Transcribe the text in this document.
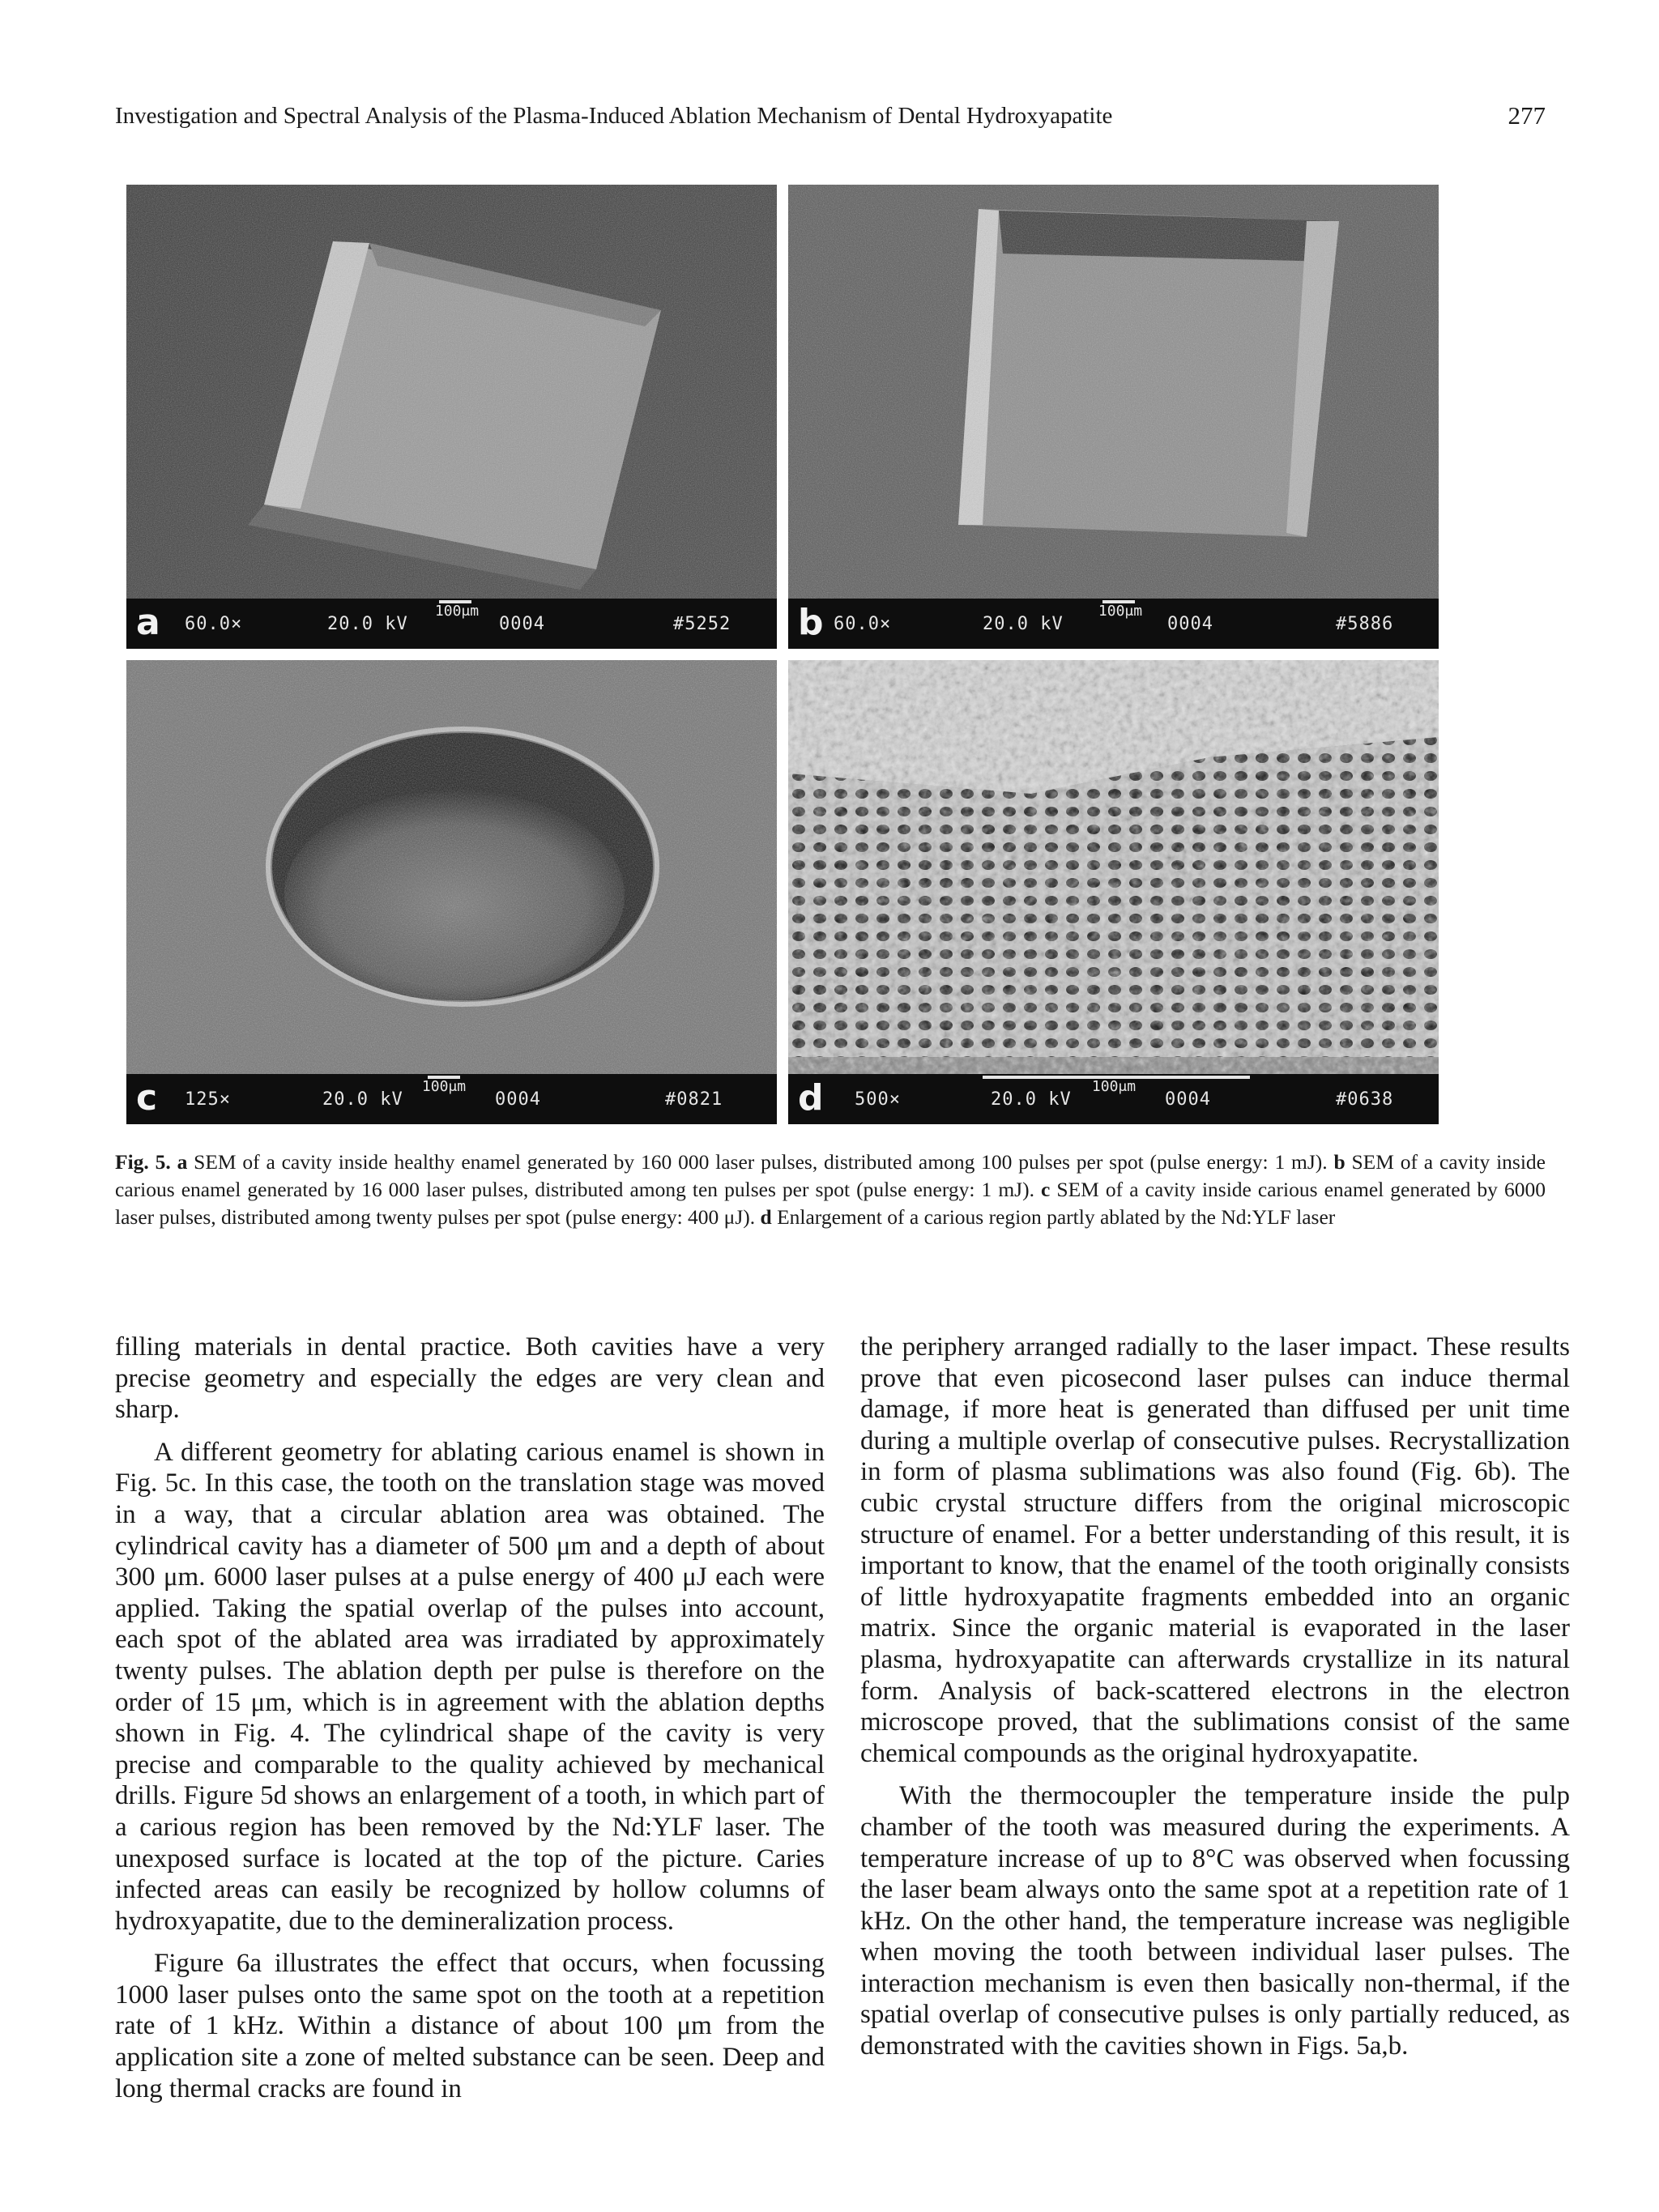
Investigation and Spectral Analysis of the Plasma-Induced Ablation Mechanism of Dental Hydroxyapatite	277
a 60.0×	20.0 kV
100μm
0004	#5252 b 60.0×	20.0 kV
100μm
0004	#5886
c 125×	20.0 kV
100μm
0004	#0821 d 500×	20.0 kV
100μm
0004	#0638
Fig. 5. a SEM of a cavity inside healthy enamel generated by 160 000 laser pulses, distributed among 100 pulses per spot (pulse energy: 1 mJ). b SEM of a cavity inside carious enamel generated by 16 000 laser pulses, distributed among ten pulses per spot (pulse energy: 1 mJ). c SEM of a cavity inside carious enamel generated by 6000 laser pulses, distributed among twenty pulses per spot (pulse energy: 400 μJ). d Enlargement of a carious region partly ablated by the Nd:YLF laser

filling materials in dental practice. Both cavities have a very precise geometry and especially the edges are very clean and sharp.

A different geometry for ablating carious enamel is shown in Fig. 5c. In this case, the tooth on the translation stage was moved in a way, that a circular ablation area was obtained. The cylindrical cavity has a diameter of 500 μm and a depth of about 300 μm. 6000 laser pulses at a pulse energy of 400 μJ each were applied. Taking the spatial overlap of the pulses into account, each spot of the ablated area was irradiated by approximately twenty pulses. The ablation depth per pulse is therefore on the order of 15 μm, which is in agreement with the ablation depths shown in Fig. 4. The cylindrical shape of the cavity is very precise and comparable to the quality achieved by mechanical drills. Figure 5d shows an enlargement of a tooth, in which part of a carious region has been removed by the Nd:YLF laser. The unexposed surface is located at the top of the picture. Caries infected areas can easily be recognized by hollow columns of hydroxyapatite, due to the demineralization process.

Figure 6a illustrates the effect that occurs, when focussing 1000 laser pulses onto the same spot on the tooth at a repetition rate of 1 kHz. Within a distance of about 100 μm from the application site a zone of melted substance can be seen. Deep and long thermal cracks are found in

the periphery arranged radially to the laser impact. These results prove that even picosecond laser pulses can induce thermal damage, if more heat is generated than diffused per unit time during a multiple overlap of consecutive pulses. Recrystallization in form of plasma sublimations was also found (Fig. 6b). The cubic crystal structure differs from the original microscopic structure of enamel. For a better understanding of this result, it is important to know, that the enamel of the tooth originally consists of little hydroxyapatite fragments embedded into an organic matrix. Since the organic material is evaporated in the laser plasma, hydroxyapatite can afterwards crystallize in its natural form. Analysis of back-scattered electrons in the electron microscope proved, that the sublimations consist of the same chemical compounds as the original hydroxyapatite.

With the thermocoupler the temperature inside the pulp chamber of the tooth was measured during the experiments. A temperature increase of up to 8°C was observed when focussing the laser beam always onto the same spot at a repetition rate of 1 kHz. On the other hand, the temperature increase was negligible when moving the tooth between individual laser pulses. The interaction mechanism is even then basically non-thermal, if the spatial overlap of consecutive pulses is only partially reduced, as demonstrated with the cavities shown in Figs. 5a,b.
